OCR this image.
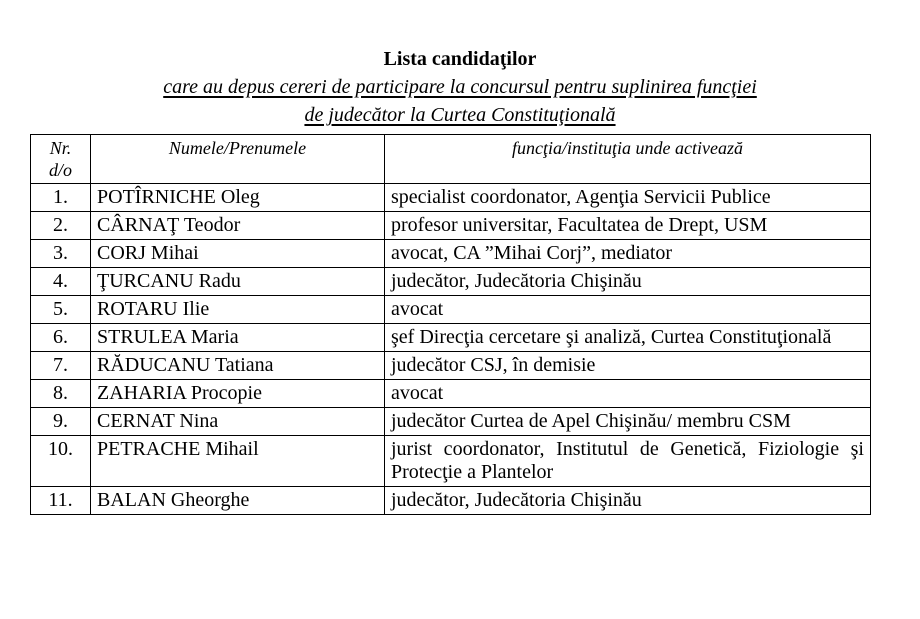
Lista candidaţilor
care au depus cereri de participare la concursul pentru suplinirea funcţiei
de judecător la Curtea Constituţională
Nr.
d/o	Numele/Prenumele	funcţia/instituţia unde activează
1.	POTÎRNICHE Oleg	specialist coordonator, Agenţia Servicii Publice
2.	CÂRNAŢ Teodor	profesor universitar, Facultatea de Drept, USM
3.	CORJ Mihai	avocat, CA ”Mihai Corj”, mediator
4.	ŢURCANU Radu	judecător, Judecătoria Chişinău
5.	ROTARU Ilie	avocat
6.	STRULEA Maria	şef Direcţia cercetare şi analiză, Curtea Constituţională
7.	RĂDUCANU Tatiana	judecător CSJ, în demisie
8.	ZAHARIA Procopie	avocat
9.	CERNAT Nina	judecător Curtea de Apel Chişinău/ membru CSM
10.	PETRACHE Mihail	jurist coordonator, Institutul de Genetică, Fiziologie şi Protecţie a Plantelor
11.	BALAN Gheorghe	judecător, Judecătoria Chişinău
